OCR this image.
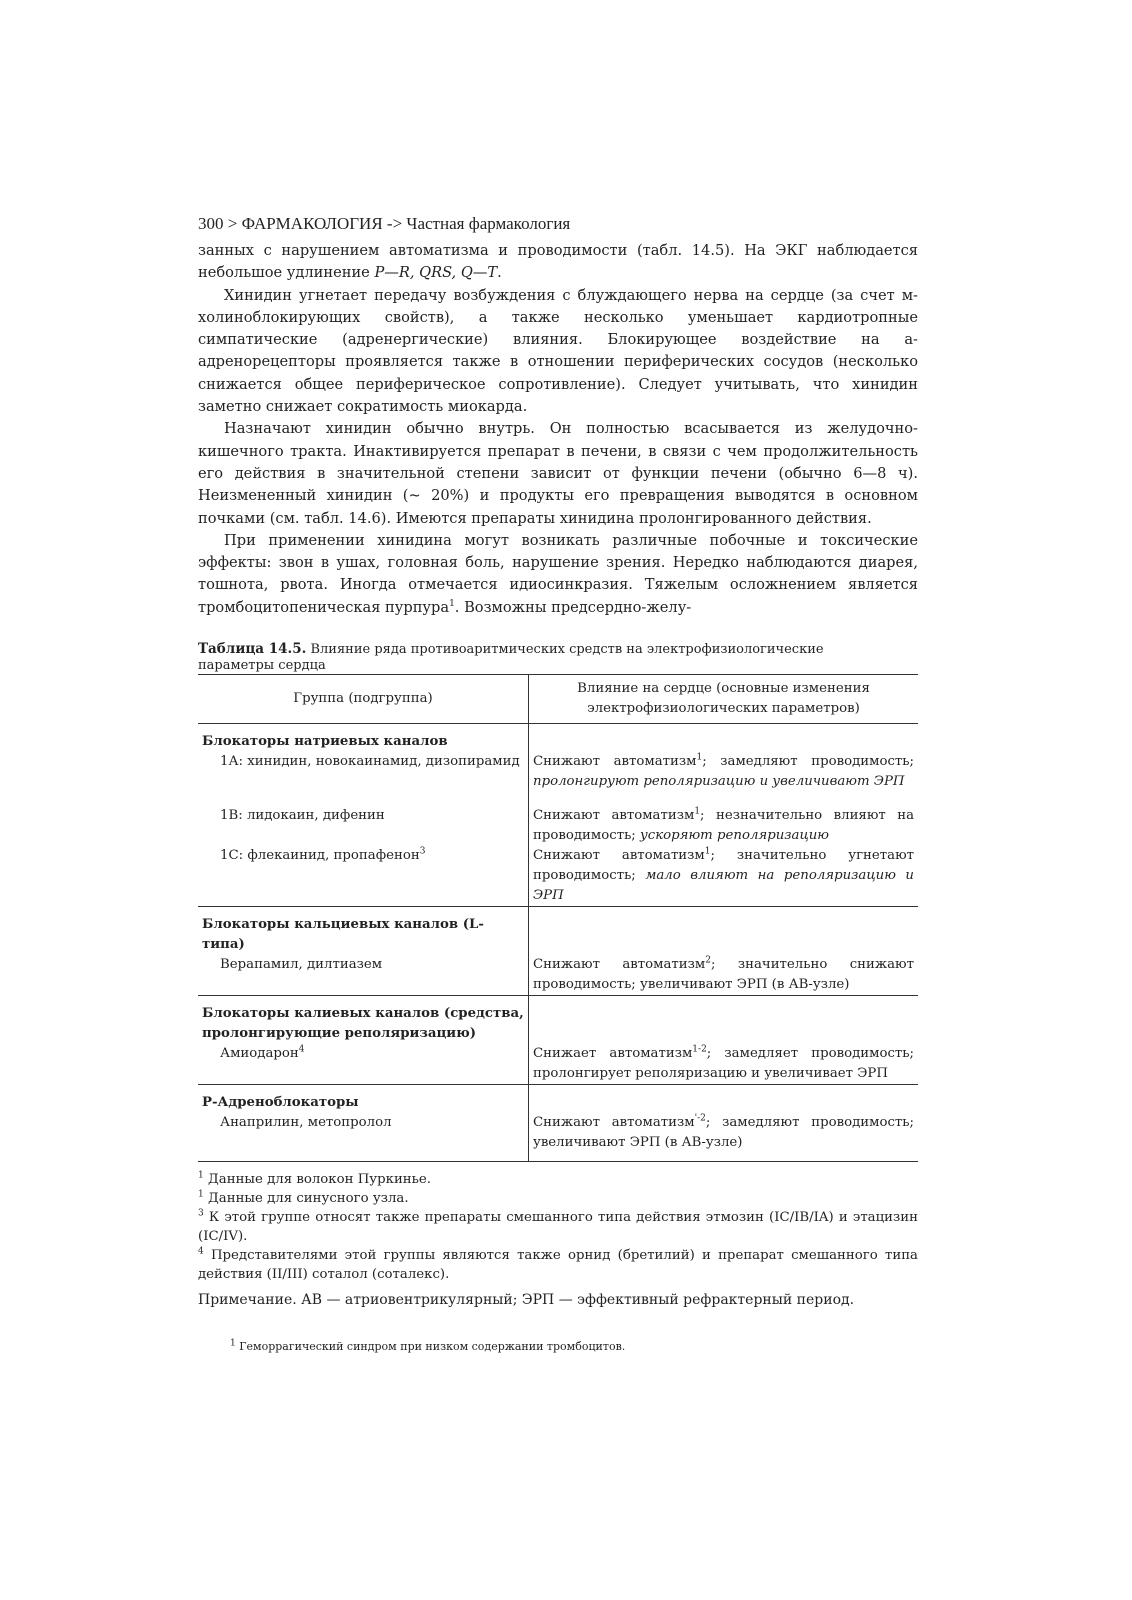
300 > ФАРМАКОЛОГИЯ -> Частная фармакология

занных с нарушением автоматизма и проводимости (табл. 14.5). На ЭКГ наблюдается небольшое удлинение P—R, QRS, Q—T.

Хинидин угнетает передачу возбуждения с блуждающего нерва на сердце (за счет м-холиноблокирующих свойств), а также несколько уменьшает кардиотропные симпатические (адренергические) влияния. Блокирующее воздействие на а-адренорецепторы проявляется также в отношении периферических сосудов (несколько снижается общее периферическое сопротивление). Следует учитывать, что хинидин заметно снижает сократимость миокарда.

Назначают хинидин обычно внутрь. Он полностью всасывается из желудочно-кишечного тракта. Инактивируется препарат в печени, в связи с чем продолжительность его действия в значительной степени зависит от функции печени (обычно 6—8 ч). Неизмененный хинидин (~ 20%) и продукты его превращения выводятся в основном почками (см. табл. 14.6). Имеются препараты хинидина пролонгированного действия.

При применении хинидина могут возникать различные побочные и токсические эффекты: звон в ушах, головная боль, нарушение зрения. Нередко наблюдаются диарея, тошнота, рвота. Иногда отмечается идиосинкразия. Тяжелым осложнением является тромбоцитопеническая пурпура$^1$. Возможны предсердно-желу-

Таблица 14.5. Влияние ряда противоаритмических средств на электрофизиологические параметры сердца
Группа (подгруппа)	Влияние на сердце (основные изменения электрофизиологических параметров)
Блокаторы натриевых каналов	
1А: хинидин, новокаинамид, дизопирамид	Снижают автоматизм$^1$; замедляют проводимость; пролонгируют реполяризацию и увеличивают ЭРП

1В: лидокаин, дифенин	Снижают автоматизм$^1$; незначительно влияют на проводимость; ускоряют реполяризацию
1С: флекаинид, пропафенон$^3$	Снижают автоматизм$^1$; значительно угнетают проводимость; мало влияют на реполяризацию и ЭРП
Блокаторы кальциевых каналов (L-типа)	
Верапамил, дилтиазем	Снижают автоматизм$^2$; значительно снижают проводимость; увеличивают ЭРП (в АВ-узле)
Блокаторы калиевых каналов (средства, пролонгирующие реполяризацию)	
Амиодарон$^4$	Снижает автоматизм$^{1-2}$; замедляет проводимость; пролонгирует реполяризацию и увеличивает ЭРП
Р-Адреноблокаторы	
Анаприлин, метопролол	Снижают автоматизм$^{'-2}$; замедляют проводимость; увеличивают ЭРП (в АВ-узле)

$^1$ Данные для волокон Пуркинье.

$^1$ Данные для синусного узла.

$^3$ К этой группе относят также препараты смешанного типа действия этмозин (IC/IB/IA) и этацизин (IC/IV).

$^4$ Представителями этой группы являются также орнид (бретилий) и препарат смешанного типа действия (II/III) соталол (соталекс).

Примечание. АВ — атриовентрикулярный; ЭРП — эффективный рефрактерный период.
$^1$ Геморрагический синдром при низком содержании тромбоцитов.
